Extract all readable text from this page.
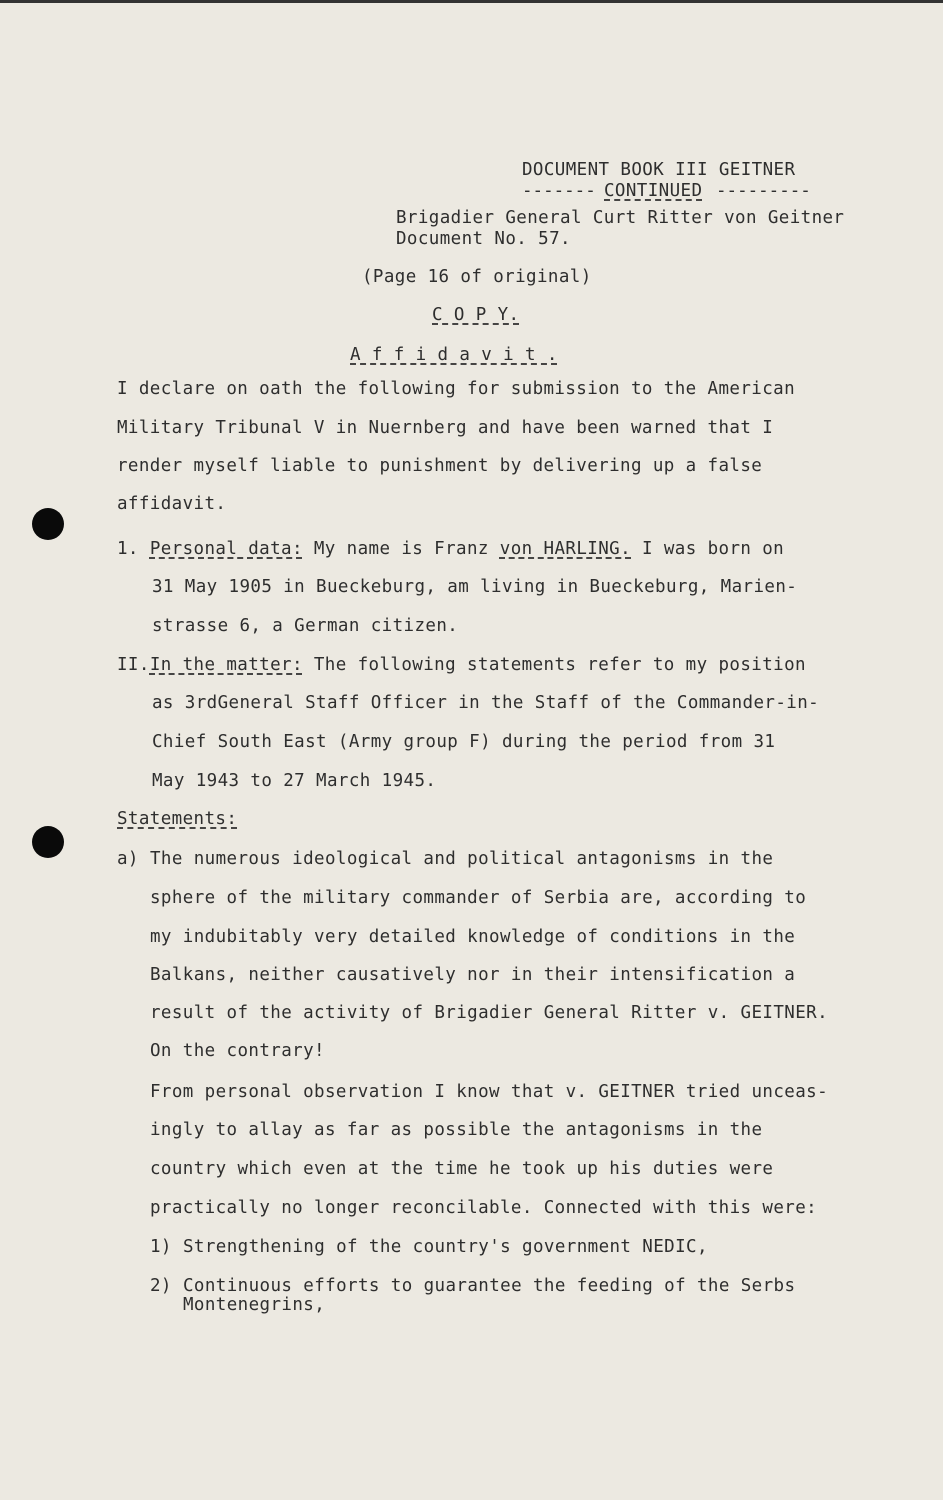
DOCUMENT BOOK III GEITNER
------- CONTINUED ---------
Brigadier General Curt Ritter von Geitner
Document No. 57.
(Page 16 of original)
C O P Y.
A f f i d a v i t .
I declare on oath the following for submission to the American
Military Tribunal V in Nuernberg and have been warned that I
render myself liable to punishment by delivering up a false
affidavit.
1. Personal data: My name is Franz von HARLING. I was born on
31 May 1905 in Bueckeburg, am living in Bueckeburg, Marien-
strasse 6, a German citizen.
II.In the matter: The following statements refer to my position
as 3rdGeneral Staff Officer in the Staff of the Commander-in-
Chief South East (Army group F) during the period from 31
May 1943 to 27 March 1945.
Statements:
a) The numerous ideological and political antagonisms in the
sphere of the military commander of Serbia are, according to
my indubitably very detailed knowledge of conditions in the
Balkans, neither causatively nor in their intensification a
result of the activity of Brigadier General Ritter v. GEITNER.
On the contrary!
From personal observation I know that v. GEITNER tried unceas-
ingly to allay as far as possible the antagonisms in the
country which even at the time he took up his duties were
practically no longer reconcilable. Connected with this were:
1) Strengthening of the country's government NEDIC,
2) Continuous efforts to guarantee the feeding of the Serbs
Montenegrins,
